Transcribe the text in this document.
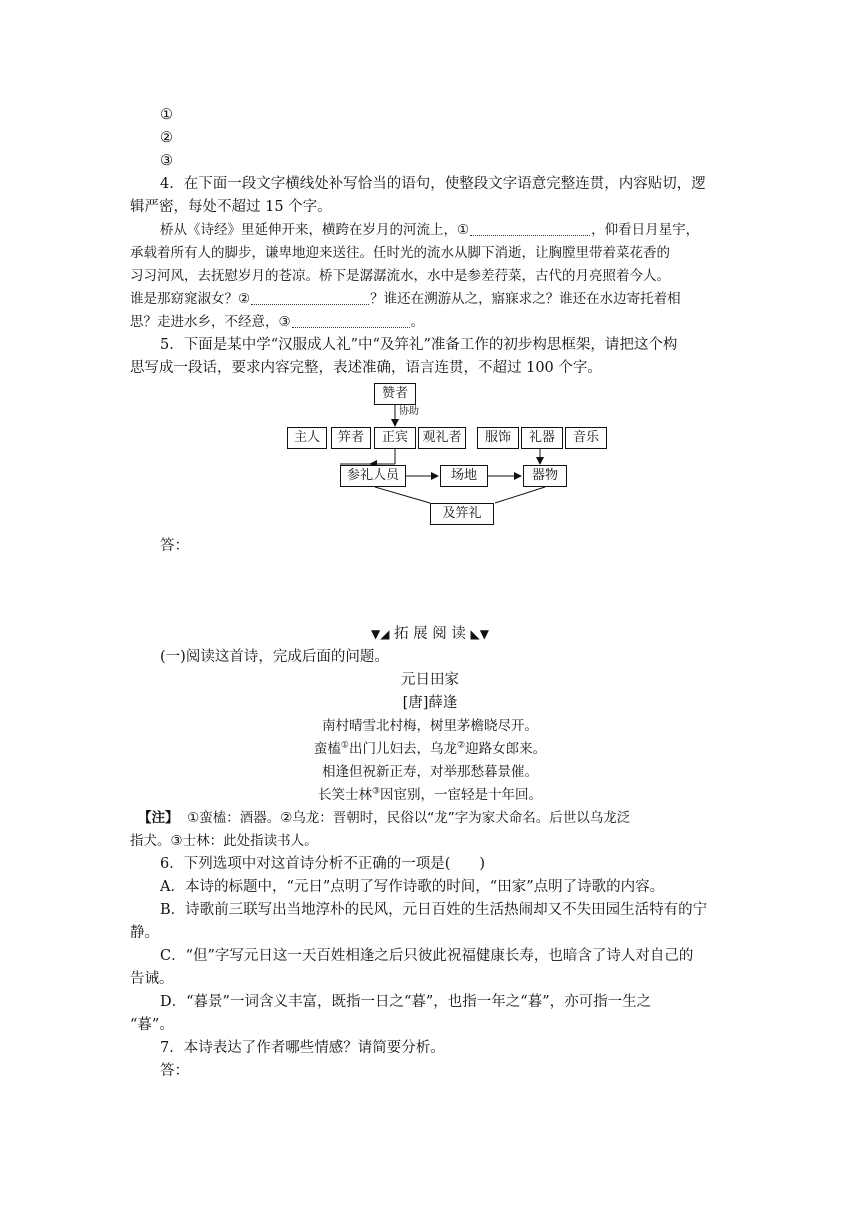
①
②
③
4．在下面一段文字横线处补写恰当的语句，使整段文字语意完整连贯，内容贴切，逻
辑严密，每处不超过 15 个字。
桥从《诗经》里延伸开来，横跨在岁月的河流上，①	，仰看日月星宇，
承载着所有人的脚步，谦卑地迎来送往。任时光的流水从脚下消逝，让胸膛里带着菜花香的
习习河风，去抚慰岁月的苍凉。桥下是潺潺流水，水中是参差荇菜，古代的月亮照着今人。
谁是那窈窕淑女？②	？谁还在溯游从之，寤寐求之？谁还在水边寄托着相
思？走进水乡，不经意，③	。
5．下面是某中学“汉服成人礼”中“及笄礼”准备工作的初步构思框架，请把这个构
思写成一段话，要求内容完整，表述准确，语言连贯，不超过 100 个字。
赞者
协助
主人	笄者	正宾	观礼者	服饰	礼器	音乐
参礼人员	场地	器物
及笄礼
答：
▼◢ 拓 展 阅 读 ◣▼
(一)阅读这首诗，完成后面的问题。
元日田家
[唐]薛逢
南村晴雪北村梅，树里茅檐晓尽开。
蛮榼①出门儿妇去，乌龙②迎路女郎来。
相逢但祝新正寿，对举那愁暮景催。
长笑士林③因宦别，一宦轻是十年回。
【注】 ①蛮榼：酒器。②乌龙：晋朝时，民俗以“龙”字为家犬命名。后世以乌龙泛
指犬。③士林：此处指读书人。
6．下列选项中对这首诗分析不正确的一项是(　　)
A．本诗的标题中，“元日”点明了写作诗歌的时间，“田家”点明了诗歌的内容。
B．诗歌前三联写出当地淳朴的民风，元日百姓的生活热闹却又不失田园生活特有的宁
静。
C．“但”字写元日这一天百姓相逢之后只彼此祝福健康长寿，也暗含了诗人对自己的
告诫。
D．“暮景”一词含义丰富，既指一日之“暮”，也指一年之“暮”，亦可指一生之
“暮”。
7．本诗表达了作者哪些情感？请简要分析。
答：
